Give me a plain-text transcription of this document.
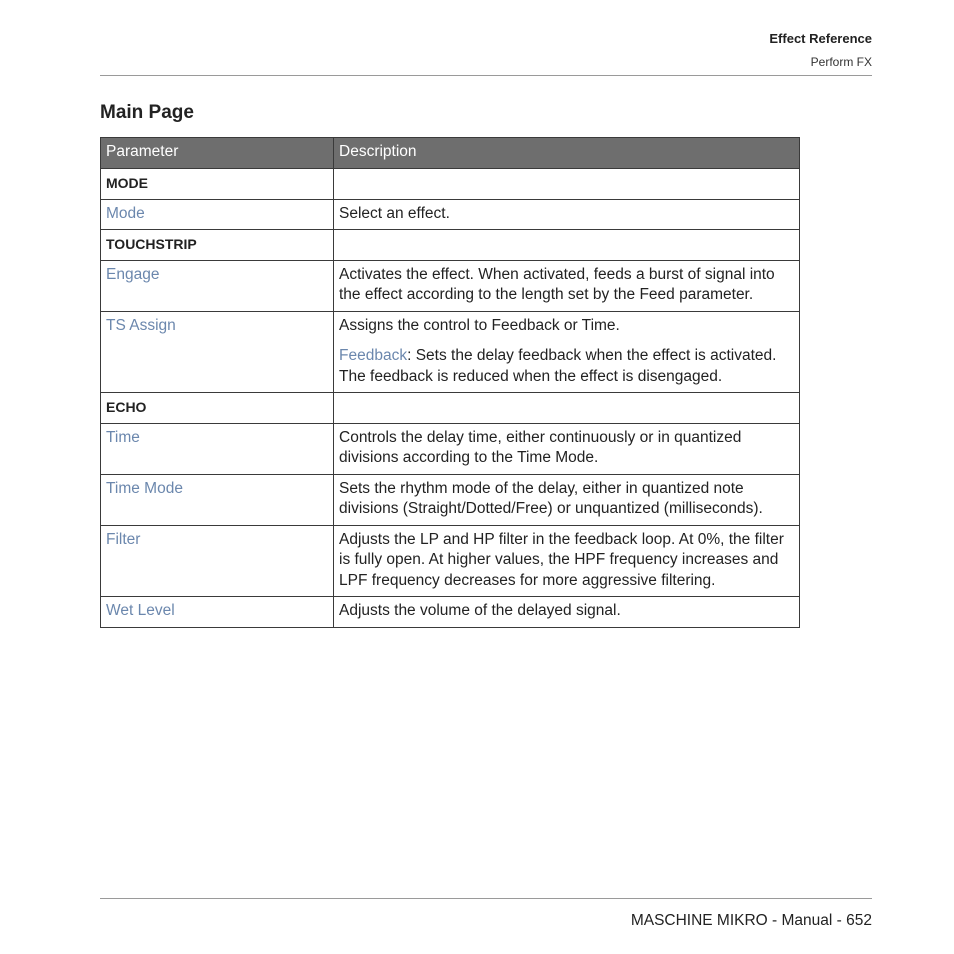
Effect Reference
Perform FX
Main Page
Parameter	Description
MODE	
Mode	Select an effect.

TOUCHSTRIP	
Engage	Activates the effect. When activated, feeds a burst of signal into the effect according to the length set by the Feed parameter.

TS Assign	Assigns the control to Feedback or Time.

Feedback: Sets the delay feedback when the effect is activated. The feedback is reduced when the effect is disengaged.

ECHO	
Time	Controls the delay time, either continuously or in quantized divisions according to the Time Mode.

Time Mode	Sets the rhythm mode of the delay, either in quantized note divisions (Straight/Dotted/Free) or unquantized (milliseconds).

Filter	Adjusts the LP and HP filter in the feedback loop. At 0%, the filter is fully open. At higher values, the HPF frequency increases and LPF frequency decreases for more aggressive filtering.

Wet Level	Adjusts the volume of the delayed signal.

MASCHINE MIKRO - Manual - 652
